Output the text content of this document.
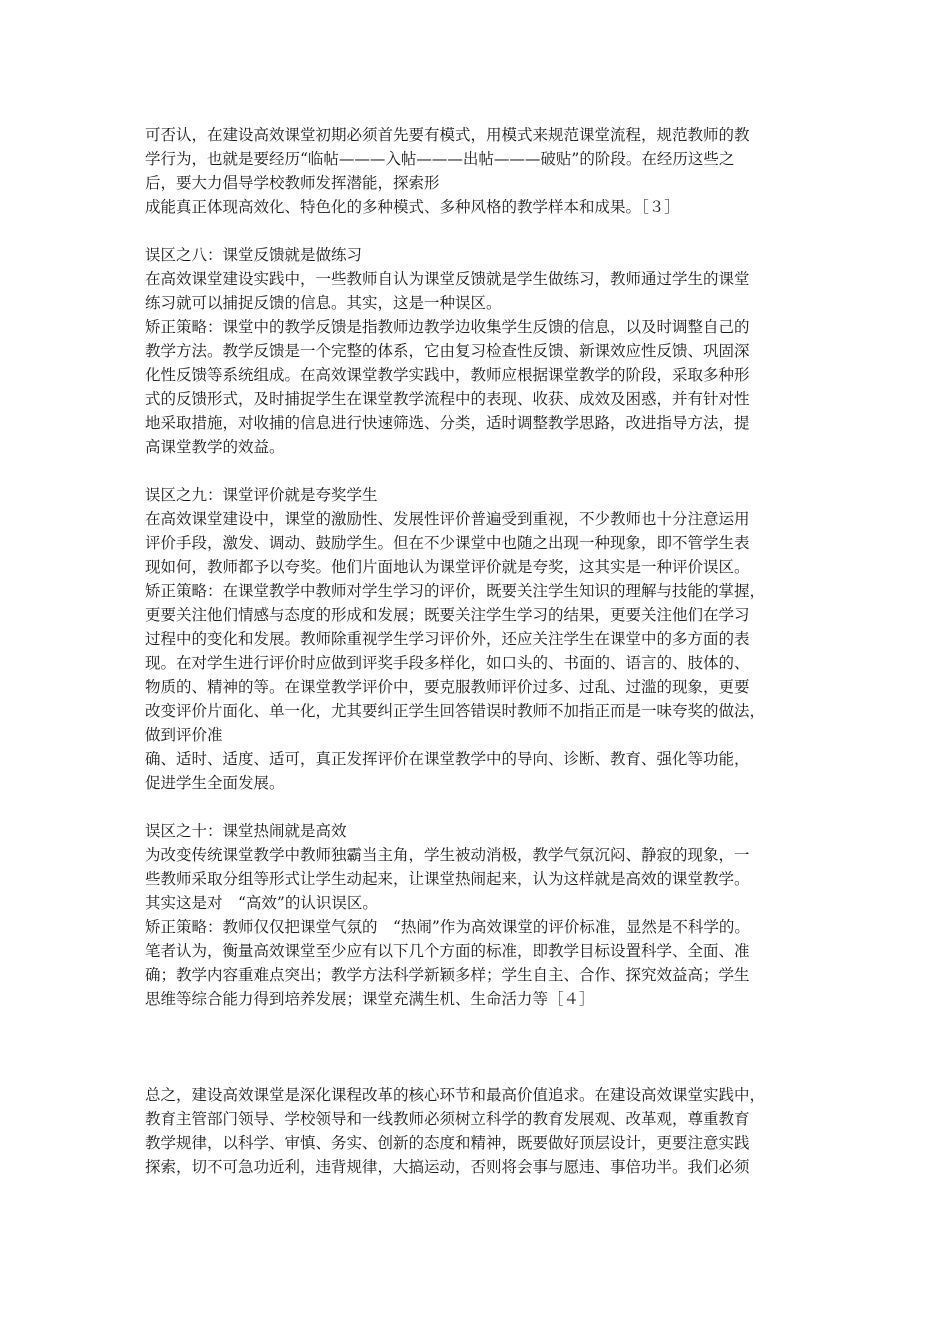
可否认，在建设高效课堂初期必须首先要有模式，用模式来规范课堂流程，规范教师的教
学行为，也就是要经历“临帖———入帖———出帖———破贴”的阶段。在经历这些之
后，要大力倡导学校教师发挥潜能，探索形
成能真正体现高效化、特色化的多种模式、多种风格的教学样本和成果。［３］
误区之八：课堂反馈就是做练习
在高效课堂建设实践中，一些教师自认为课堂反馈就是学生做练习，教师通过学生的课堂
练习就可以捕捉反馈的信息。其实，这是一种误区。
矫正策略：课堂中的教学反馈是指教师边教学边收集学生反馈的信息，以及时调整自己的
教学方法。教学反馈是一个完整的体系，它由复习检查性反馈、新课效应性反馈、巩固深
化性反馈等系统组成。在高效课堂教学实践中，教师应根据课堂教学的阶段，采取多种形
式的反馈形式，及时捕捉学生在课堂教学流程中的表现、收获、成效及困惑，并有针对性
地采取措施，对收捕的信息进行快速筛选、分类，适时调整教学思路，改进指导方法，提
高课堂教学的效益。
误区之九：课堂评价就是夸奖学生
在高效课堂建设中，课堂的激励性、发展性评价普遍受到重视，不少教师也十分注意运用
评价手段，激发、调动、鼓励学生。但在不少课堂中也随之出现一种现象，即不管学生表
现如何，教师都予以夸奖。他们片面地认为课堂评价就是夸奖，这其实是一种评价误区。
矫正策略：在课堂教学中教师对学生学习的评价，既要关注学生知识的理解与技能的掌握，
更要关注他们情感与态度的形成和发展；既要关注学生学习的结果，更要关注他们在学习
过程中的变化和发展。教师除重视学生学习评价外，还应关注学生在课堂中的多方面的表
现。在对学生进行评价时应做到评奖手段多样化，如口头的、书面的、语言的、肢体的、
物质的、精神的等。在课堂教学评价中，要克服教师评价过多、过乱、过滥的现象，更要
改变评价片面化、单一化，尤其要纠正学生回答错误时教师不加指正而是一味夸奖的做法，
做到评价准
确、适时、适度、适可，真正发挥评价在课堂教学中的导向、诊断、教育、强化等功能，
促进学生全面发展。
误区之十：课堂热闹就是高效
为改变传统课堂教学中教师独霸当主角，学生被动消极，教学气氛沉闷、静寂的现象，一
些教师采取分组等形式让学生动起来，让课堂热闹起来，认为这样就是高效的课堂教学。
其实这是对　“高效”的认识误区。
矫正策略：教师仅仅把课堂气氛的　“热闹”作为高效课堂的评价标准，显然是不科学的。
笔者认为，衡量高效课堂至少应有以下几个方面的标准，即教学目标设置科学、全面、准
确；教学内容重难点突出；教学方法科学新颖多样；学生自主、合作、探究效益高；学生
思维等综合能力得到培养发展；课堂充满生机、生命活力等［４］
总之，建设高效课堂是深化课程改革的核心环节和最高价值追求。在建设高效课堂实践中，
教育主管部门领导、学校领导和一线教师必须树立科学的教育发展观、改革观，尊重教育
教学规律，以科学、审慎、务实、创新的态度和精神，既要做好顶层设计，更要注意实践
探索，切不可急功近利，违背规律，大搞运动，否则将会事与愿违、事倍功半。我们必须
